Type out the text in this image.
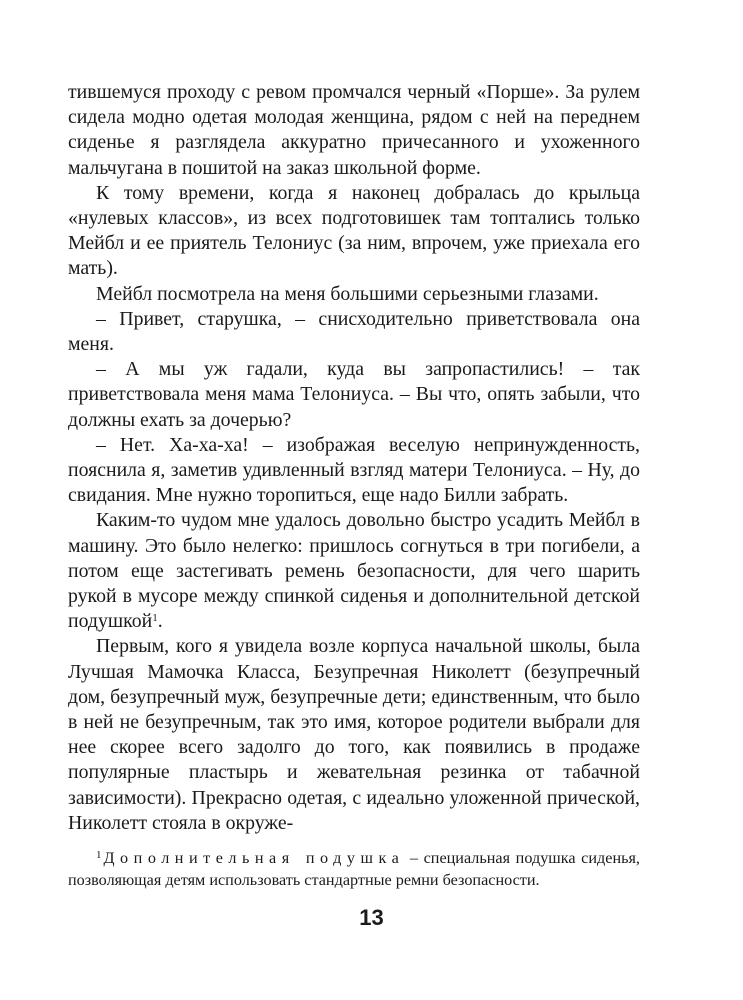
тившемуся проходу с ревом промчался черный «Порше». За рулем сидела модно одетая молодая женщина, рядом с ней на переднем сиденье я разглядела аккуратно причесанного и ухоженного мальчугана в пошитой на заказ школьной форме.

К тому времени, когда я наконец добралась до крыльца «нулевых классов», из всех подготовишек там топтались только Мейбл и ее приятель Телониус (за ним, впрочем, уже приехала его мать).

Мейбл посмотрела на меня большими серьезными глазами.

– Привет, старушка, – снисходительно приветствовала она меня.

– А мы уж гадали, куда вы запропастились! – так приветствовала меня мама Телониуса. – Вы что, опять забыли, что должны ехать за дочерью?

– Нет. Ха-ха-ха! – изображая веселую непринужденность, пояснила я, заметив удивленный взгляд матери Телониуса. – Ну, до свидания. Мне нужно торопиться, еще надо Билли забрать.

Каким-то чудом мне удалось довольно быстро усадить Мейбл в машину. Это было нелегко: пришлось согнуться в три погибели, а потом еще застегивать ремень безопасности, для чего шарить рукой в мусоре между спинкой сиденья и дополнительной детской подушкой$^1$.

Первым, кого я увидела возле корпуса начальной школы, была Лучшая Мамочка Класса, Безупречная Николетт (безупречный дом, безупречный муж, безупречные дети; единственным, что было в ней не безупречным, так это имя, которое родители выбрали для нее скорее всего задолго до того, как появились в продаже популярные пластырь и жевательная резинка от табачной зависимости). Прекрасно одетая, с идеально уложенной прической, Николетт стояла в окруже-

$^1$ Дополнительная подушка – специальная подушка сиденья, позволяющая детям использовать стандартные ремни безопасности.

13
